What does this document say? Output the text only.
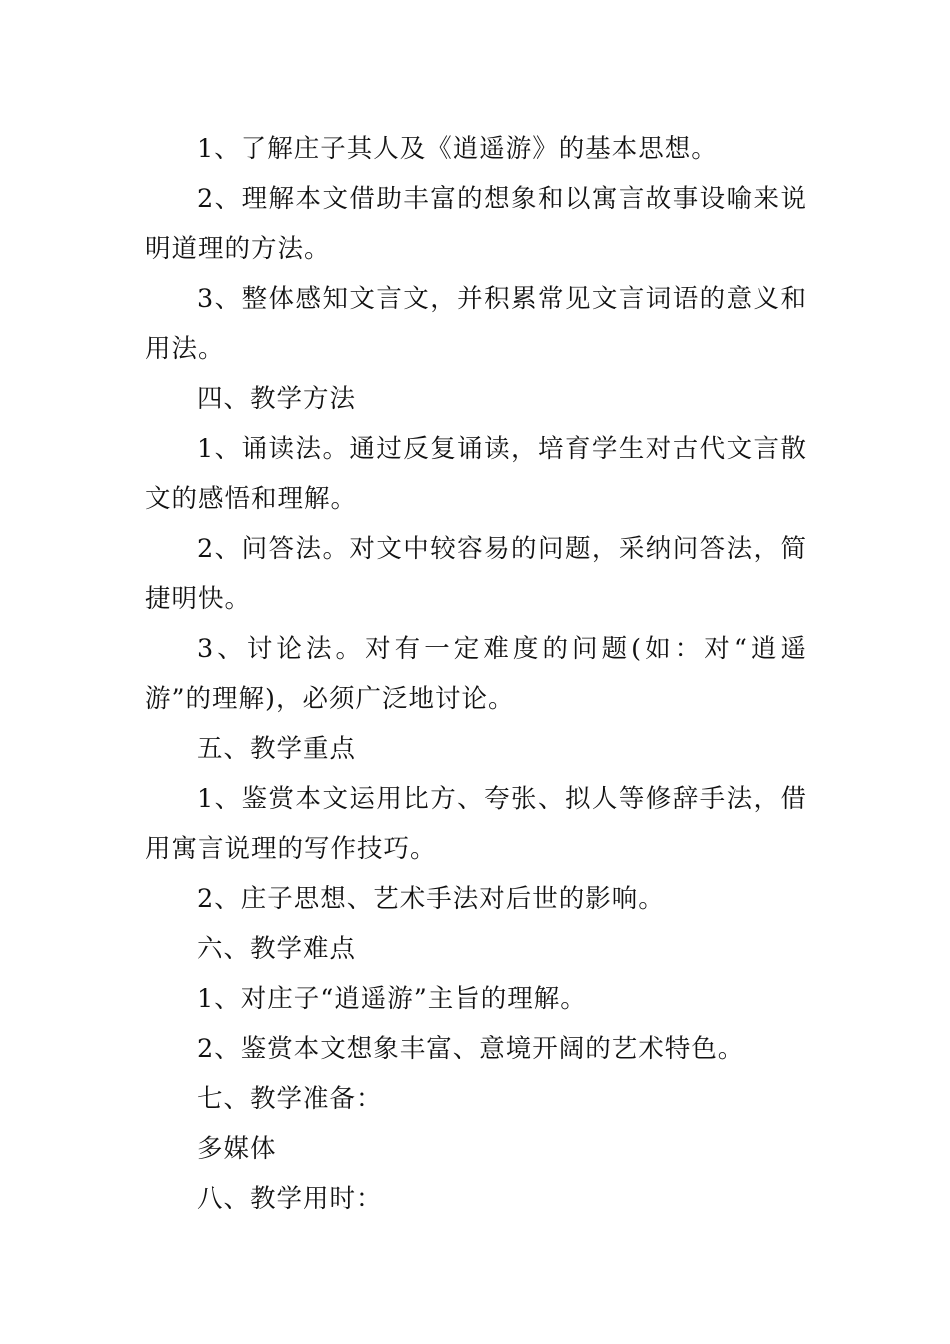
1、了解庄子其人及《逍遥游》的基本思想。

2、理解本文借助丰富的想象和以寓言故事设喻来说明道理的方法。

3、整体感知文言文，并积累常见文言词语的意义和用法。

四、教学方法

1、诵读法。通过反复诵读，培育学生对古代文言散文的感悟和理解。

2、问答法。对文中较容易的问题，采纳问答法，简捷明快。

3、讨论法。对有一定难度的问题(如：对“逍遥游”的理解)，必须广泛地讨论。

五、教学重点

1、鉴赏本文运用比方、夸张、拟人等修辞手法，借用寓言说理的写作技巧。

2、庄子思想、艺术手法对后世的影响。

六、教学难点

1、对庄子“逍遥游”主旨的理解。

2、鉴赏本文想象丰富、意境开阔的艺术特色。

七、教学准备：

多媒体

八、教学用时：
